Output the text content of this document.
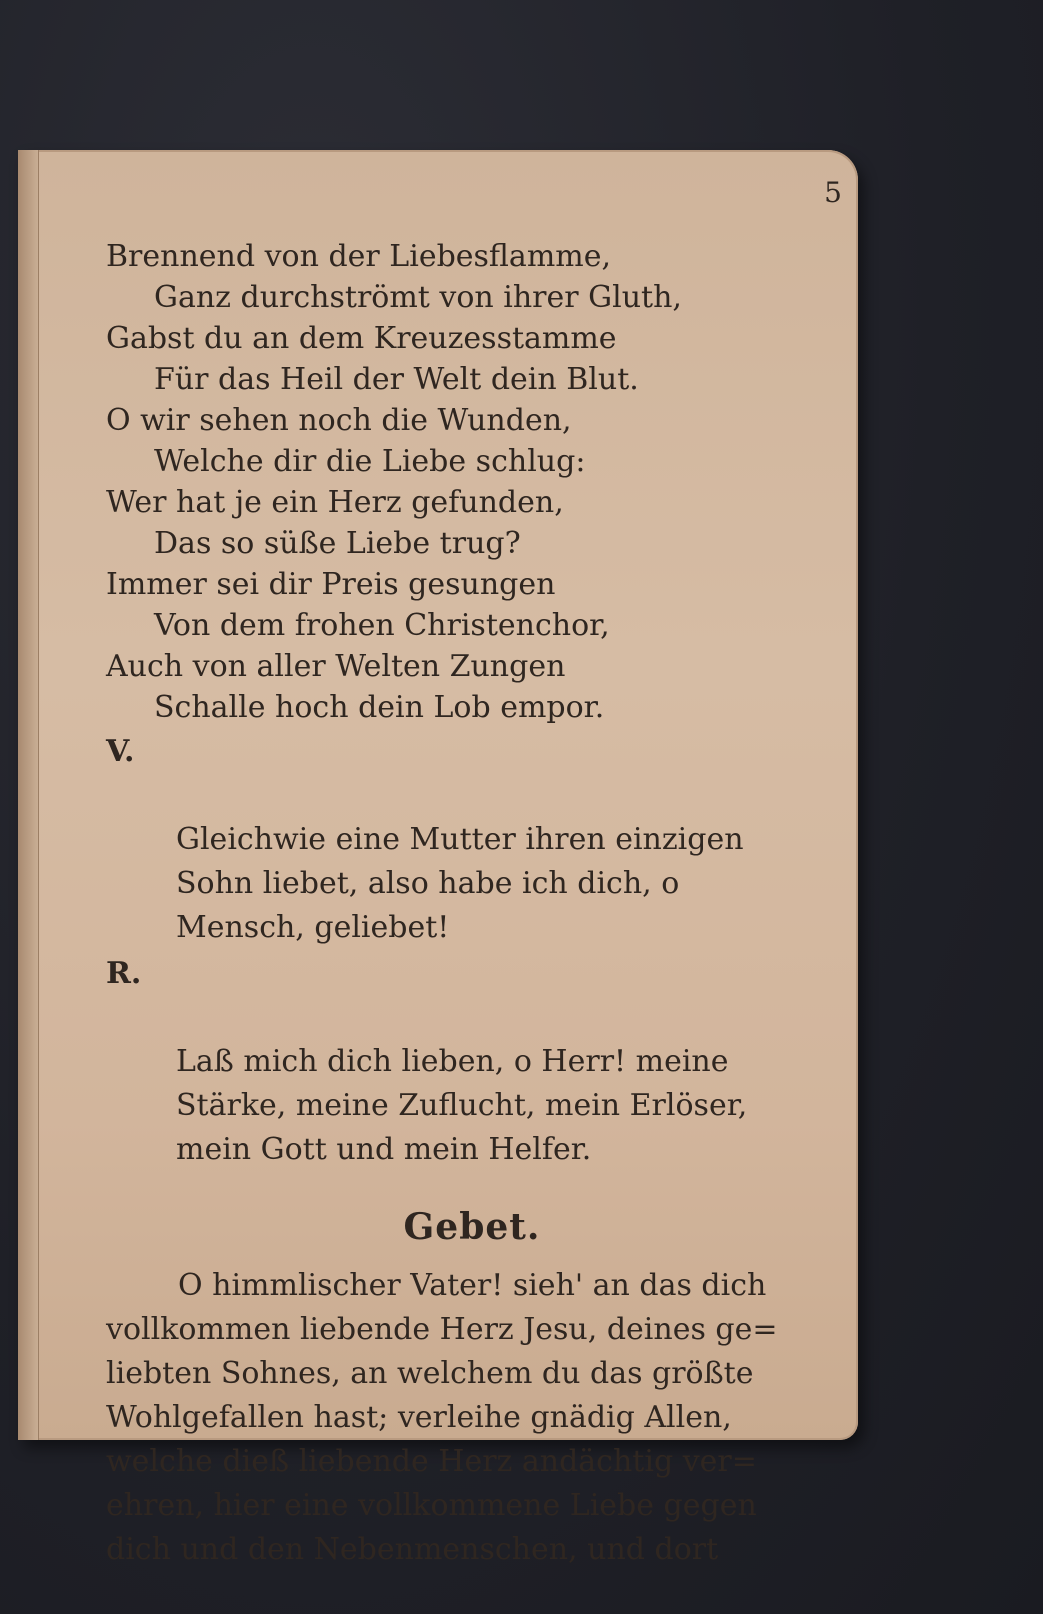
5
Brennend von der Liebesflamme,
Ganz durchströmt von ihrer Gluth,
Gabst du an dem Kreuzesstamme
Für das Heil der Welt dein Blut.
O wir sehen noch die Wunden,
Welche dir die Liebe schlug:
Wer hat je ein Herz gefunden,
Das so süße Liebe trug?
Immer sei dir Preis gesungen
Von dem frohen Christenchor,
Auch von aller Welten Zungen
Schalle hoch dein Lob empor.

V.

Gleichwie eine Mutter ihren einzigen
Sohn liebet, also habe ich dich, o
Mensch, geliebet!

R.

Laß mich dich lieben, o Herr! meine
Stärke, meine Zuflucht, mein Erlöser,
mein Gott und mein Helfer.

Gebet.
O himmlischer Vater! sieh' an das dich
vollkommen liebende Herz Jesu, deines ge=
liebten Sohnes, an welchem du das größte
Wohlgefallen hast; verleihe gnädig Allen,
welche dieß liebende Herz andächtig ver=
ehren, hier eine vollkommene Liebe gegen
dich und den Nebenmenschen, und dort
